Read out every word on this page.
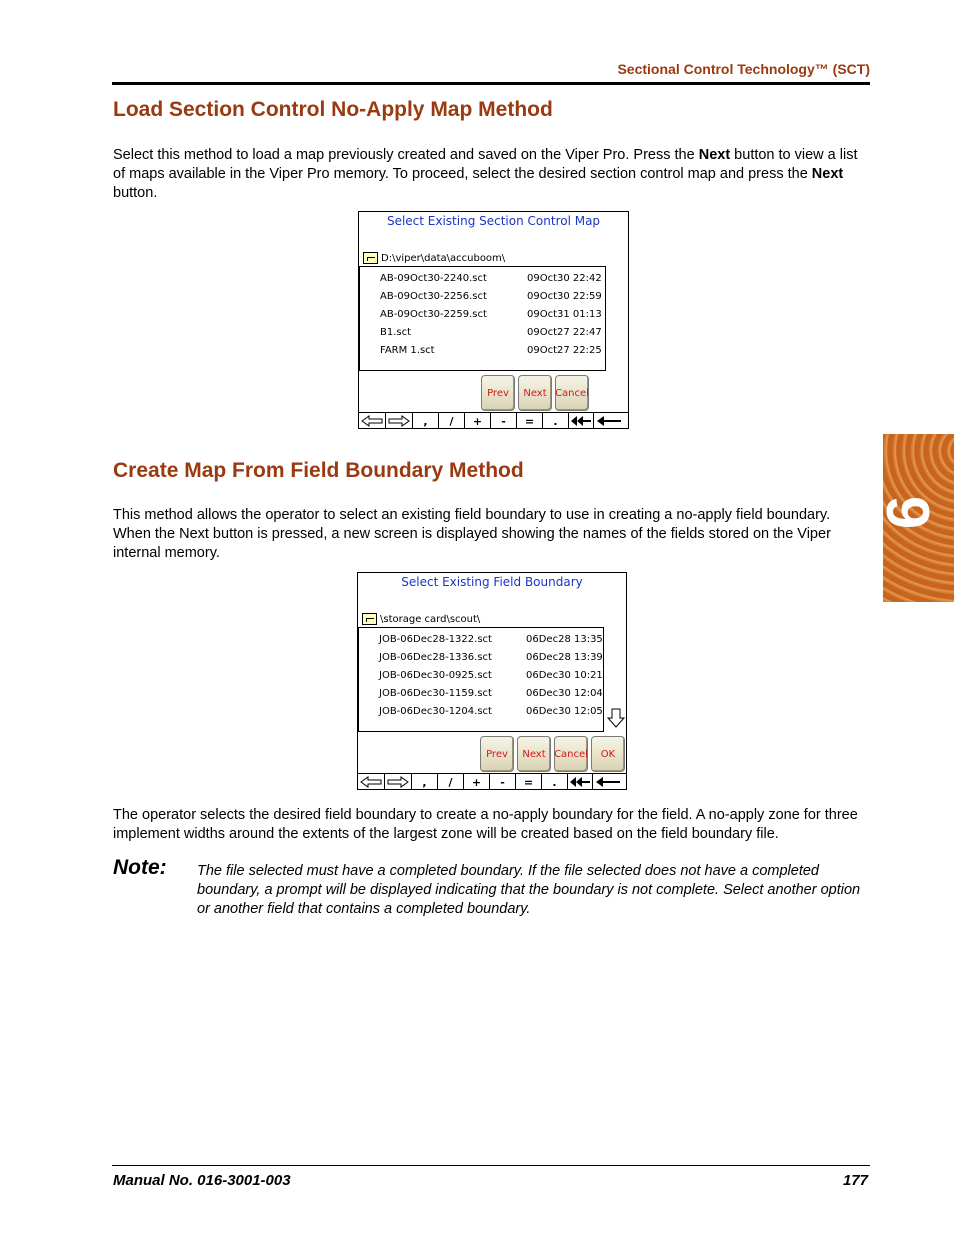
Sectional Control Technology™ (SCT)
Load Section Control No-Apply Map Method
Select this method to load a map previously created and saved on the Viper Pro. Press the Next button to view a list of maps available in the Viper Pro memory. To proceed, select the desired section control map and press the Next button.
Select Existing Section Control Map
D:\viper\data\accuboom\
AB-09Oct30-2240.sct	09Oct30 22:42
AB-09Oct30-2256.sct	09Oct30 22:59
AB-09Oct30-2259.sct	09Oct31 01:13
B1.sct	09Oct27 22:47
FARM 1.sct	09Oct27 22:25
Prev	Next Cancel
,	/	+	-	=	.
Create Map From Field Boundary Method
This method allows the operator to select an existing field boundary to use in creating a no-apply field boundary. When the Next button is pressed, a new screen is displayed showing the names of the fields stored on the Viper internal memory.
Select Existing Field Boundary
\storage card\scout\
JOB-06Dec28-1322.sct	06Dec28 13:35
JOB-06Dec28-1336.sct	06Dec28 13:39
JOB-06Dec30-0925.sct	06Dec30 10:21
JOB-06Dec30-1159.sct	06Dec30 12:04
JOB-06Dec30-1204.sct	06Dec30 12:05
Prev	Next Cancel	OK
,	/	+	-	=	.
The operator selects the desired field boundary to create a no-apply boundary for the field. A no-apply zone for three implement widths around the extents of the largest zone will be created based on the field boundary file.
Note: The file selected must have a completed boundary. If the file selected does not have a completed boundary, a prompt will be displayed indicating that the boundary is not complete. Select another option or another field that contains a completed boundary.
9
Manual No. 016-3001-003	177
